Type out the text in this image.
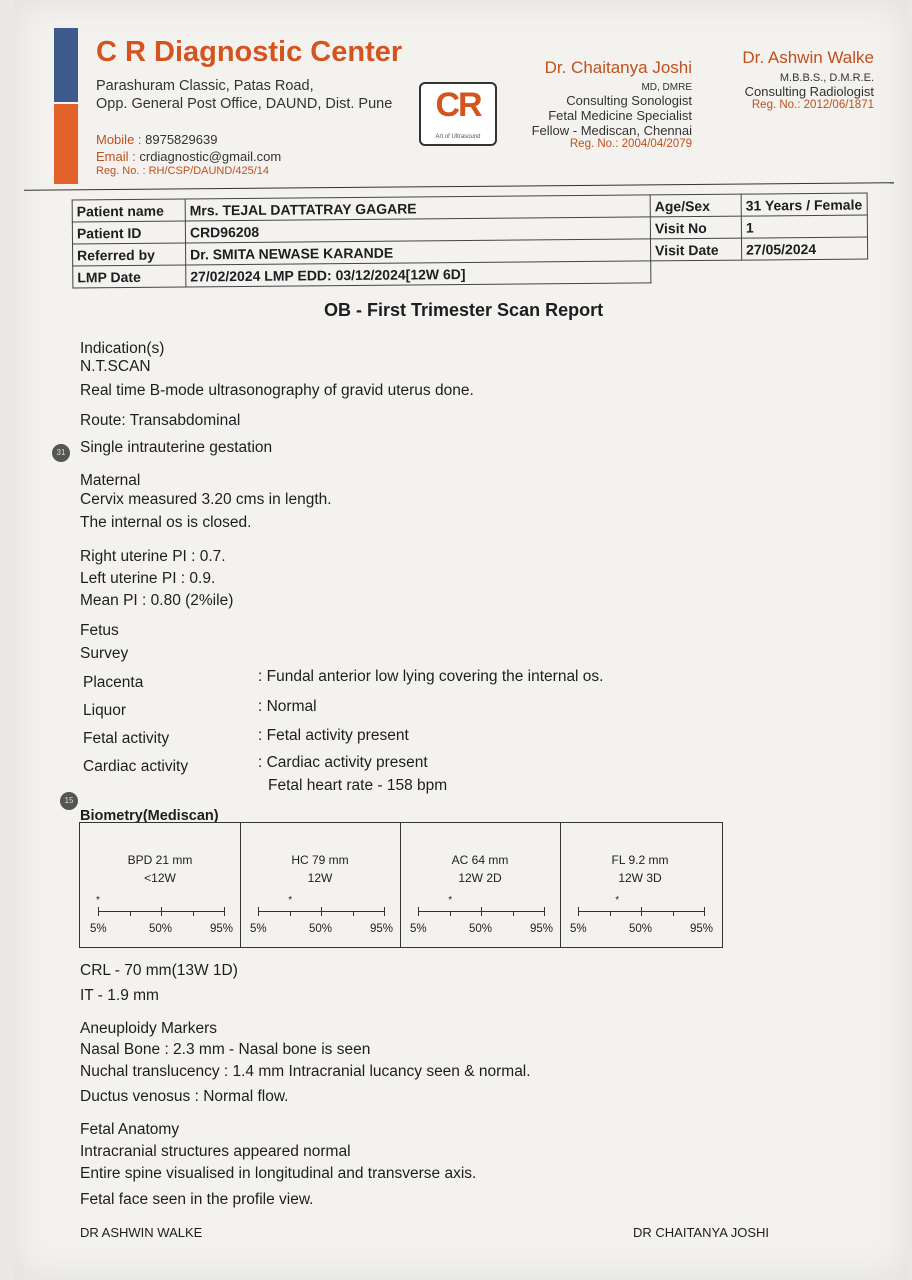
C R Diagnostic Center
Parashuram Classic, Patas Road,
Opp. General Post Office, DAUND, Dist. Pune
Mobile : 8975829639
Email : crdiagnostic@gmail.com
Reg. No. : RH/CSP/DAUND/425/14
CR
Art of Ultrasound
Dr. Chaitanya Joshi
MD, DMRE
Consulting Sonologist
Fetal Medicine Specialist
Fellow - Mediscan, Chennai
Reg. No.: 2004/04/2079
Dr. Ashwin Walke
M.B.B.S., D.M.R.E.
Consulting Radiologist
Reg. No.: 2012/06/1871
Patient name	Mrs. TEJAL DATTATRAY GAGARE	Age/Sex	31 Years / Female
Patient ID	CRD96208	Visit No	1
Referred by	Dr. SMITA NEWASE KARANDE	Visit Date	27/05/2024
LMP Date	27/02/2024 LMP EDD: 03/12/2024[12W 6D]		
OB - First Trimester Scan Report
Indication(s)
N.T.SCAN
Real time B-mode ultrasonography of gravid uterus done.
Route: Transabdominal
31 Single intrauterine gestation
Maternal
Cervix measured 3.20 cms in length.
The internal os is closed.
Right uterine PI : 0.7.
Left uterine PI : 0.9.
Mean PI : 0.80 (2%ile)
Fetus
Survey
Placenta	: Fundal anterior low lying covering the internal os.
Liquor	: Normal
Fetal activity	: Fetal activity present
Cardiac activity	: Cardiac activity present
Fetal heart rate - 158 bpm
15
Biometry(Mediscan)
BPD 21 mm
<12W
*
5%	50%	95%
HC 79 mm
12W
*
5%	50%	95%
AC 64 mm
12W 2D
*
5%	50%	95%
FL 9.2 mm
12W 3D
*
5%	50%	95%
CRL - 70 mm(13W 1D)
IT - 1.9 mm
Aneuploidy Markers
Nasal Bone : 2.3 mm - Nasal bone is seen
Nuchal translucency : 1.4 mm Intracranial lucancy seen & normal.
Ductus venosus : Normal flow.
Fetal Anatomy
Intracranial structures appeared normal
Entire spine visualised in longitudinal and transverse axis.
Fetal face seen in the profile view.
DR ASHWIN WALKE	DR CHAITANYA JOSHI
